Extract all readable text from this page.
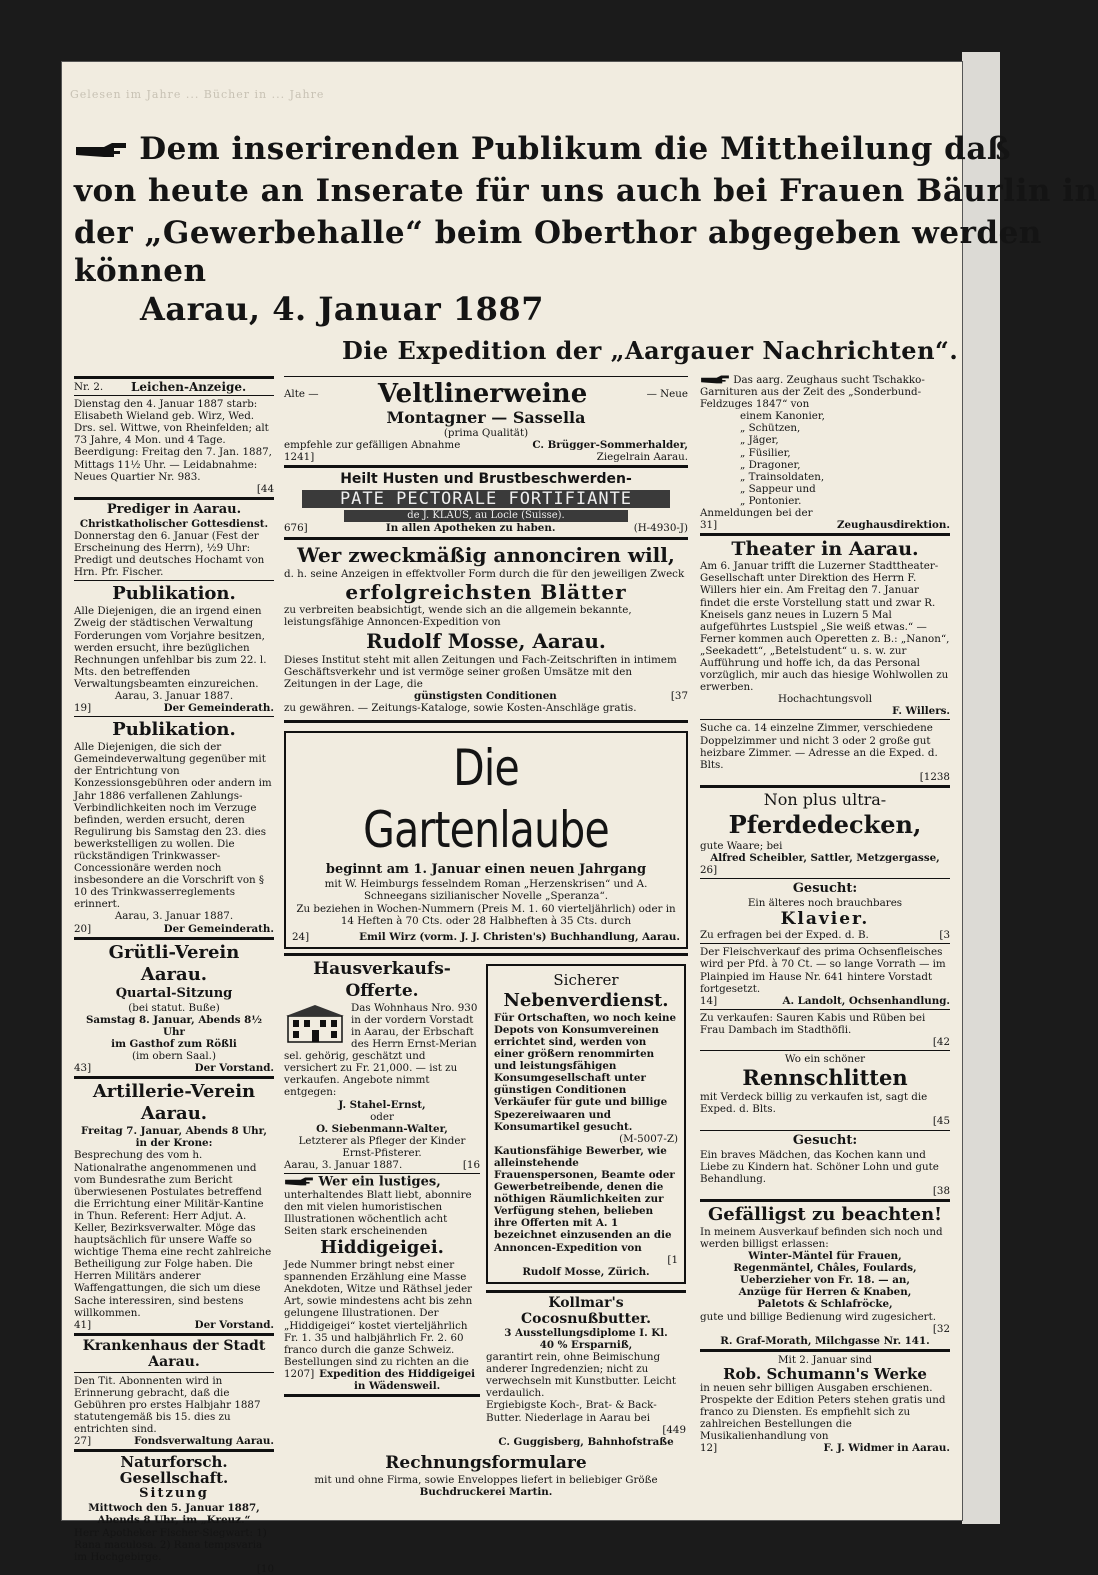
Gelesen im Jahre ... Bücher in ... Jahre
Dem inserirenden Publikum die Mittheilung daß
von heute an Inserate für uns auch bei Frauen Bäurlin in
der „Gewerbehalle“ beim Oberthor abgegeben werden
können
Aarau, 4. Januar 1887
Die Expedition der „Aargauer Nachrichten“.
Nr. 2. Leichen-Anzeige.

Dienstag den 4. Januar 1887 starb: Elisabeth Wieland geb. Wirz, Wed. Drs. sel. Wittwe, von Rheinfelden; alt 73 Jahre, 4 Mon. und 4 Tage. Beerdigung: Freitag den 7. Jan. 1887, Mittags 11½ Uhr. — Leidabnahme: Neues Quartier Nr. 983.

[44

Prediger in Aarau.

Christkatholischer Gottesdienst.

Donnerstag den 6. Januar (Fest der Erscheinung des Herrn), ½9 Uhr: Predigt und deutsches Hochamt von Hrn. Pfr. Fischer.

Publikation.

Alle Diejenigen, die an irgend einen Zweig der städtischen Verwaltung Forderungen vom Vorjahre besitzen, werden ersucht, ihre bezüglichen Rechnungen unfehlbar bis zum 22. l. Mts. den betreffenden Verwaltungsbeamten einzureichen.

Aarau, 3. Januar 1887.

19]	Der Gemeinderath.

Publikation.

Alle Diejenigen, die sich der Gemeindeverwaltung gegenüber mit der Entrichtung von Konzessionsgebühren oder andern im Jahr 1886 verfallenen Zahlungs-Verbindlichkeiten noch im Verzuge befinden, werden ersucht, deren Regulirung bis Samstag den 23. dies bewerkstelligen zu wollen. Die rückständigen Trinkwasser-Concessionäre werden noch insbesondere an die Vorschrift von § 10 des Trinkwasserreglements erinnert.

Aarau, 3. Januar 1887.

20]	Der Gemeinderath.

Grütli-Verein Aarau.

Quartal-Sitzung

(bei statut. Buße)

Samstag 8. Januar, Abends 8½ Uhr

im Gasthof zum Rößli

(im obern Saal.)

43]	Der Vorstand.

Artillerie-Verein Aarau.

Freitag 7. Januar, Abends 8 Uhr, in der Krone:

Besprechung des vom h. Nationalrathe angenommenen und vom Bundesrathe zum Bericht überwiesenen Postulates betreffend die Errichtung einer Militär-Kantine in Thun. Referent: Herr Adjut. A. Keller, Bezirksverwalter. Möge das hauptsächlich für unsere Waffe so wichtige Thema eine recht zahlreiche Betheiligung zur Folge haben. Die Herren Militärs anderer Waffengattungen, die sich um diese Sache interessiren, sind bestens willkommen.

41]	Der Vorstand.

Krankenhaus der Stadt Aarau.

Den Tit. Abonnenten wird in Erinnerung gebracht, daß die Gebühren pro erstes Halbjahr 1887 statutengemäß bis 15. dies zu entrichten sind.

27]	Fondsverwaltung Aarau.

Naturforsch. Gesellschaft.

Sitzung

Mittwoch den 5. Januar 1887, Abends 8 Uhr, im „Kreuz.“

Herr Apotheker Fischer-Siegwart: 1) Rana maculosa. 2) Rana tempsvaria im Hochgebirge.

[10

Alte — Veltlinerweine	— Neue

Montagner — Sassella

(prima Qualität)

empfehle zur gefälligen Abnahme	C. Brügger-Sommerhalder,
1241]	Ziegelrain Aarau.

Heilt Husten und Brustbeschwerden-

PATE PECTORALE FORTIFIANTE
de J. KLAUS, au Locle (Suisse).
676]	In allen Apotheken zu haben.	(H-4930-J)

Wer zweckmäßig annonciren will,

d. h. seine Anzeigen in effektvoller Form durch die für den jeweiligen Zweck

erfolgreichsten Blätter

zu verbreiten beabsichtigt, wende sich an die allgemein bekannte, leistungsfähige Annoncen-Expedition von

Rudolf Mosse, Aarau.

Dieses Institut steht mit allen Zeitungen und Fach-Zeitschriften in intimem Geschäftsverkehr und ist vermöge seiner großen Umsätze mit den Zeitungen in der Lage, die

günstigsten Conditionen	[37

zu gewähren. — Zeitungs-Kataloge, sowie Kosten-Anschläge gratis.

Die Gartenlaube

beginnt am 1. Januar einen neuen Jahrgang

mit W. Heimburgs fesselndem Roman „Herzenskrisen“ und A. Schneegans sizilianischer Novelle „Speranza“.

Zu beziehen in Wochen-Nummern (Preis M. 1. 60 vierteljährlich) oder in 14 Heften à 70 Cts. oder 28 Halbheften à 35 Cts. durch

24]	Emil Wirz (vorm. J. J. Christen's) Buchhandlung, Aarau.

Hausverkaufs-Offerte.

Das Wohnhaus Nro. 930 in der vordern Vorstadt in Aarau, der Erbschaft des Herrn Ernst-Merian sel. gehörig, geschätzt und versichert zu Fr. 21,000. — ist zu verkaufen. Angebote nimmt entgegen:

J. Stahel-Ernst,

oder

O. Siebenmann-Walter,

Letzterer als Pfleger der Kinder Ernst-Pfisterer.

Aarau, 3. Januar 1887.	[16

Wer ein lustiges,

unterhaltendes Blatt liebt, abonnire den mit vielen humoristischen Illustrationen wöchentlich acht Seiten stark erscheinenden

Hiddigeigei.

Jede Nummer bringt nebst einer spannenden Erzählung eine Masse Anekdoten, Witze und Räthsel jeder Art, sowie mindestens acht bis zehn gelungene Illustrationen. Der „Hiddigeigei“ kostet vierteljährlich Fr. 1. 35 und halbjährlich Fr. 2. 60 franco durch die ganze Schweiz. Bestellungen sind zu richten an die

1207] Expedition des Hiddigeigei in Wädensweil.

Sicherer

Nebenverdienst.

Für Ortschaften, wo noch keine Depots von Konsumvereinen errichtet sind, werden von einer größern renommirten und leistungsfähigen Konsumgesellschaft unter günstigen Conditionen Verkäufer für gute und billige Spezereiwaaren und Konsumartikel gesucht.

(M-5007-Z)

Kautionsfähige Bewerber, wie alleinstehende Frauenspersonen, Beamte oder Gewerbetreibende, denen die nöthigen Räumlichkeiten zur Verfügung stehen, belieben ihre Offerten mit A. 1 bezeichnet einzusenden an die Annoncen-Expedition von

[1

Rudolf Mosse, Zürich.

Kollmar's Cocosnußbutter.

3 Ausstellungsdiplome I. Kl.

40 % Ersparniß,

garantirt rein, ohne Beimischung anderer Ingredenzien; nicht zu verwechseln mit Kunstbutter. Leicht verdaulich.

Ergiebigste Koch-, Brat- & Back-Butter. Niederlage in Aarau bei

[449

C. Guggisberg, Bahnhofstraße

Rechnungsformulare

mit und ohne Firma, sowie Enveloppes liefert in beliebiger Größe

Buchdruckerei Martin.

Das aarg. Zeughaus sucht Tschakko-Garnituren aus der Zeit des „Sonderbund-Feldzuges 1847“ von

einem Kanonier,

„ Schützen,

„ Jäger,

„ Füsilier,

„ Dragoner,

„ Trainsoldaten,

„ Sappeur und

„ Pontonier.

Anmeldungen bei der

31]	Zeughausdirektion.

Theater in Aarau.

Am 6. Januar trifft die Luzerner Stadttheater-Gesellschaft unter Direktion des Herrn F. Willers hier ein. Am Freitag den 7. Januar findet die erste Vorstellung statt und zwar R. Kneisels ganz neues in Luzern 5 Mal aufgeführtes Lustspiel „Sie weiß etwas.“ — Ferner kommen auch Operetten z. B.: „Nanon“, „Seekadett“, „Betelstudent“ u. s. w. zur Aufführung und hoffe ich, da das Personal vorzüglich, mir auch das hiesige Wohlwollen zu erwerben.

Hochachtungsvoll

F. Willers.

Suche ca. 14 einzelne Zimmer, verschiedene Doppelzimmer und nicht 3 oder 2 große gut heizbare Zimmer. — Adresse an die Exped. d. Blts.

[1238

Non plus ultra-

Pferdedecken,

gute Waare; bei

Alfred Scheibler, Sattler, Metzgergasse,

26]

Gesucht:

Ein älteres noch brauchbares

Klavier.

Zu erfragen bei der Exped. d. B.	[3

Der Fleischverkauf des prima Ochsenfleisches wird per Pfd. à 70 Ct. — so lange Vorrath — im Plainpied im Hause Nr. 641 hintere Vorstadt fortgesetzt.

14]	A. Landolt, Ochsenhandlung.

Zu verkaufen: Sauren Kabis und Rüben bei Frau Dambach im Stadthöfli.

[42

Wo ein schöner

Rennschlitten

mit Verdeck billig zu verkaufen ist, sagt die Exped. d. Blts.

[45

Gesucht:

Ein braves Mädchen, das Kochen kann und Liebe zu Kindern hat. Schöner Lohn und gute Behandlung.

[38

Gefälligst zu beachten!

In meinem Ausverkauf befinden sich noch und werden billigst erlassen:

Winter-Mäntel für Frauen,

Regenmäntel, Châles, Foulards,

Ueberzieher von Fr. 18. — an,

Anzüge für Herren & Knaben,

Paletots & Schlafröcke,

gute und billige Bedienung wird zugesichert.

[32

R. Graf-Morath, Milchgasse Nr. 141.

Mit 2. Januar sind

Rob. Schumann's Werke

in neuen sehr billigen Ausgaben erschienen. Prospekte der Edition Peters stehen gratis und franco zu Diensten. Es empfiehlt sich zu zahlreichen Bestellungen die Musikalienhandlung von

12]	F. J. Widmer in Aarau.
